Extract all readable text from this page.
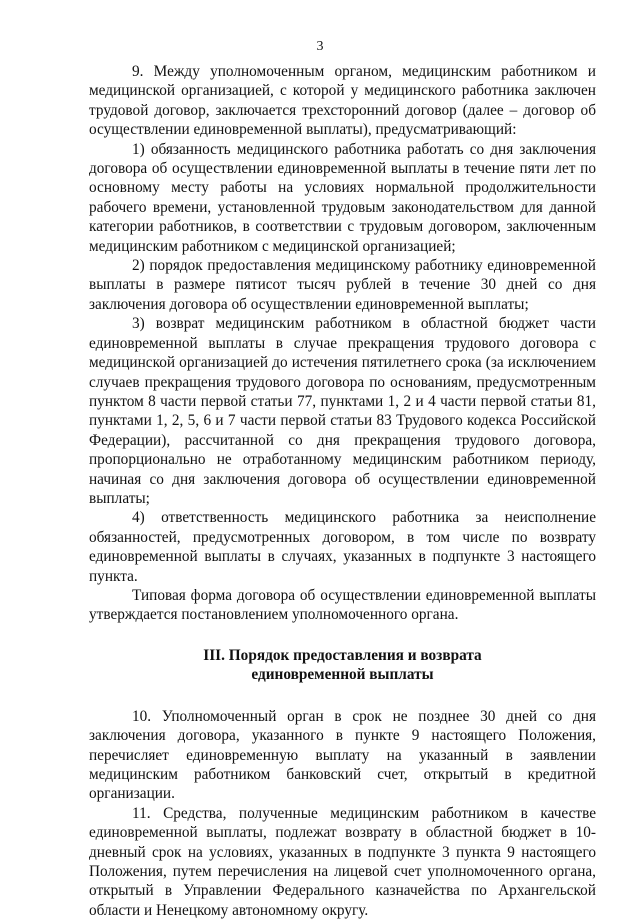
3

9. Между уполномоченным органом, медицинским работником и медицинской организацией, с которой у медицинского работника заключен трудовой договор, заключается трехсторонний договор (далее – договор об осуществлении единовременной выплаты), предусматривающий:

1) обязанность медицинского работника работать со дня заключения договора об осуществлении единовременной выплаты в течение пяти лет по основному месту работы на условиях нормальной продолжительности рабочего времени, установленной трудовым законодательством для данной категории работников, в соответствии с трудовым договором, заключенным медицинским работником с медицинской организацией;

2) порядок предоставления медицинскому работнику единовременной выплаты в размере пятисот тысяч рублей в течение 30 дней со дня заключения договора об осуществлении единовременной выплаты;

3) возврат медицинским работником в областной бюджет части единовременной выплаты в случае прекращения трудового договора с медицинской организацией до истечения пятилетнего срока (за исключением случаев прекращения трудового договора по основаниям, предусмотренным пунктом 8 части первой статьи 77, пунктами 1, 2 и 4 части первой статьи 81, пунктами 1, 2, 5, 6 и 7 части первой статьи 83 Трудового кодекса Российской Федерации), рассчитанной со дня прекращения трудового договора, пропорционально не отработанному медицинским работником периоду, начиная со дня заключения договора об осуществлении единовременной выплаты;

4) ответственность медицинского работника за неисполнение обязанностей, предусмотренных договором, в том числе по возврату единовременной выплаты в случаях, указанных в подпункте 3 настоящего пункта.

Типовая форма договора об осуществлении единовременной выплаты утверждается постановлением уполномоченного органа.

III. Порядок предоставления и возврата
единовременной выплаты

10. Уполномоченный орган в срок не позднее 30 дней со дня заключения договора, указанного в пункте 9 настоящего Положения, перечисляет единовременную выплату на указанный в заявлении медицинским работником банковский счет, открытый в кредитной организации.

11. Средства, полученные медицинским работником в качестве единовременной выплаты, подлежат возврату в областной бюджет в 10-дневный срок на условиях, указанных в подпункте 3 пункта 9 настоящего Положения, путем перечисления на лицевой счет уполномоченного органа, открытый в Управлении Федерального казначейства по Архангельской области и Ненецкому автономному округу.
